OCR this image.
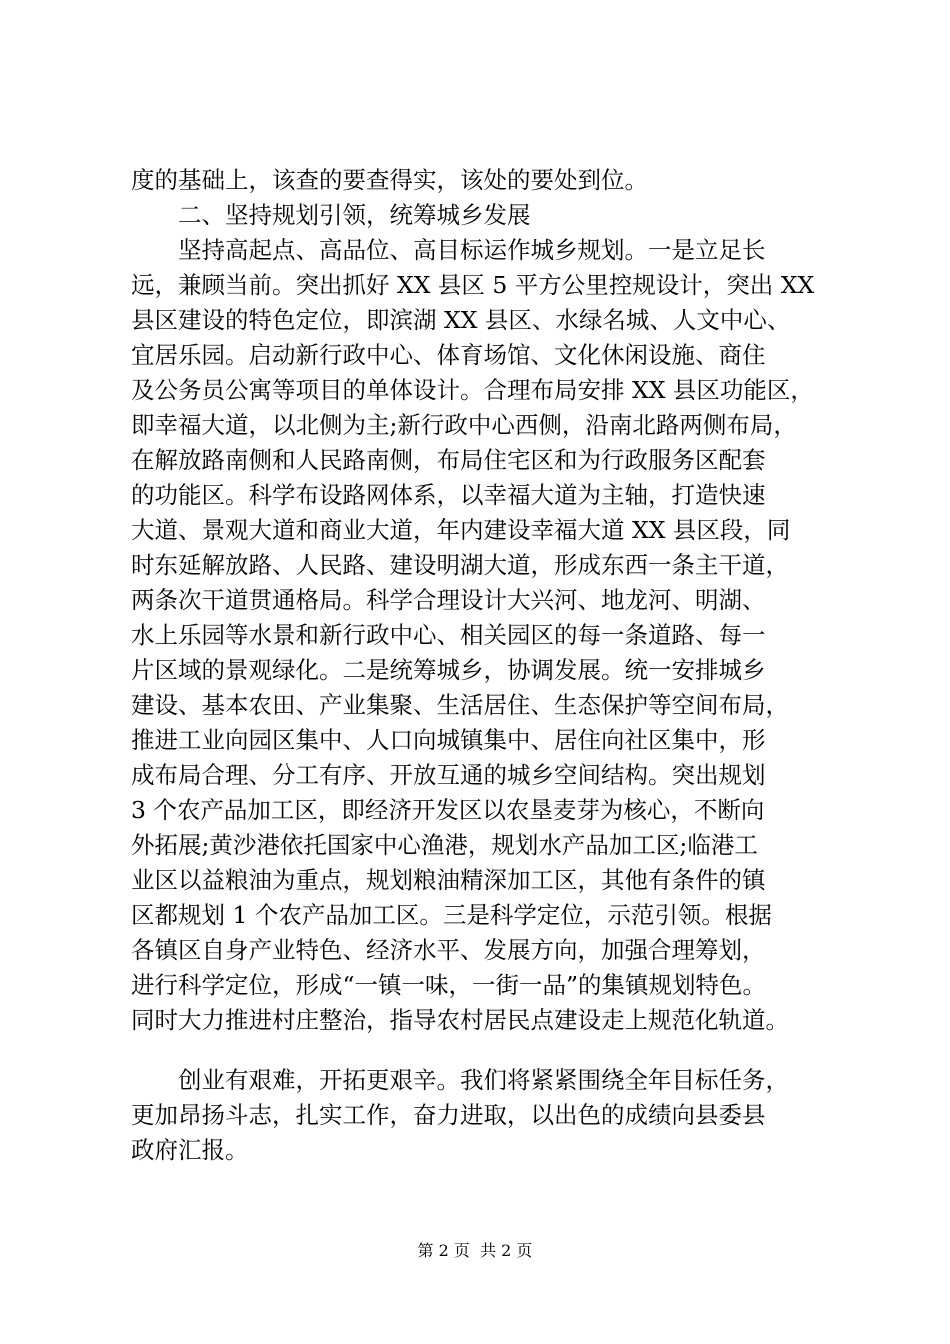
度的基础上，该查的要查得实，该处的要处到位。
二、坚持规划引领，统筹城乡发展
坚持高起点、高品位、高目标运作城乡规划。一是立足长
远，兼顾当前。突出抓好 XX 县区 5 平方公里控规设计，突出 XX
县区建设的特色定位，即滨湖 XX 县区、水绿名城、人文中心、
宜居乐园。启动新行政中心、体育场馆、文化休闲设施、商住
及公务员公寓等项目的单体设计。合理布局安排 XX 县区功能区，
即幸福大道，以北侧为主;新行政中心西侧，沿南北路两侧布局，
在解放路南侧和人民路南侧，布局住宅区和为行政服务区配套
的功能区。科学布设路网体系，以幸福大道为主轴，打造快速
大道、景观大道和商业大道，年内建设幸福大道 XX 县区段，同
时东延解放路、人民路、建设明湖大道，形成东西一条主干道，
两条次干道贯通格局。科学合理设计大兴河、地龙河、明湖、
水上乐园等水景和新行政中心、相关园区的每一条道路、每一
片区域的景观绿化。二是统筹城乡，协调发展。统一安排城乡
建设、基本农田、产业集聚、生活居住、生态保护等空间布局，
推进工业向园区集中、人口向城镇集中、居住向社区集中，形
成布局合理、分工有序、开放互通的城乡空间结构。突出规划
3 个农产品加工区，即经济开发区以农垦麦芽为核心，不断向
外拓展;黄沙港依托国家中心渔港，规划水产品加工区;临港工
业区以益粮油为重点，规划粮油精深加工区，其他有条件的镇
区都规划 1 个农产品加工区。三是科学定位，示范引领。根据
各镇区自身产业特色、经济水平、发展方向，加强合理筹划，
进行科学定位，形成“一镇一味，一街一品”的集镇规划特色。
同时大力推进村庄整治，指导农村居民点建设走上规范化轨道。
创业有艰难，开拓更艰辛。我们将紧紧围绕全年目标任务，
更加昂扬斗志，扎实工作，奋力进取，以出色的成绩向县委县
政府汇报。
第 2 页  共 2 页
